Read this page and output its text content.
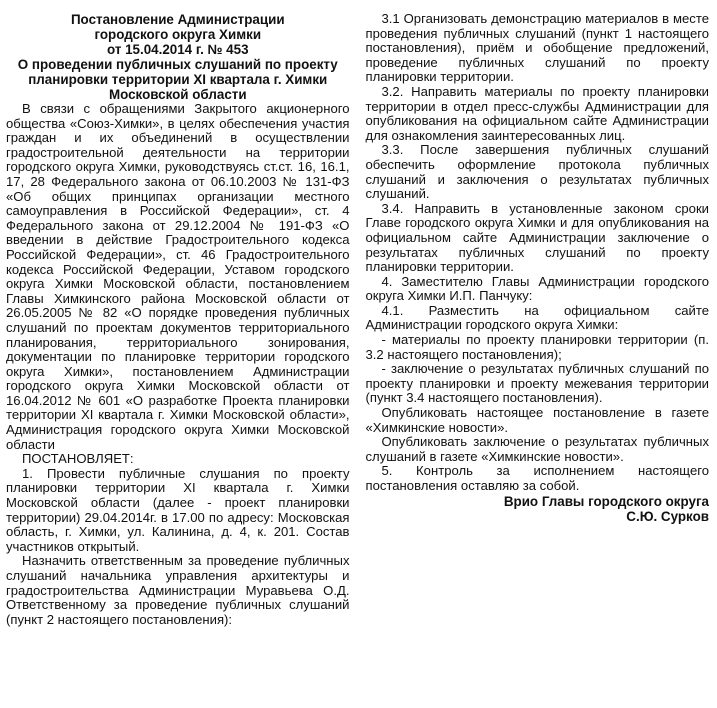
Постановление Администрации

городского округа Химки

от 15.04.2014 г. № 453

О проведении публичных слушаний по проекту планировки территории XI квартала г. Химки Московской области

В связи с обращениями Закрытого акционерного общества «Союз-Химки», в целях обеспечения участия граждан и их объединений в осуществлении градостроительной деятельности на территории городского округа Химки, руководствуясь ст.ст. 16, 16.1, 17, 28 Федерального закона от 06.10.2003 № 131-ФЗ «Об общих принципах организации местного самоуправления в Российской Федерации», ст. 4 Федерального закона от 29.12.2004 № 191-ФЗ «О введении в действие Градостроительного кодекса Российской Федерации», ст. 46 Градостроительного кодекса Российской Федерации, Уставом городского округа Химки Московской области, постановлением Главы Химкинского района Московской области от 26.05.2005 № 82 «О порядке проведения публичных слушаний по проектам документов территориального планирования, территориального зонирования, документации по планировке территории городского округа Химки», постановлением Администрации городского округа Химки Московской области от 16.04.2012 № 601 «О разработке Проекта планировки территории XI квартала г. Химки Московской области», Администрация городского округа Химки Московской области

ПОСТАНОВЛЯЕТ:

1. Провести публичные слушания по проекту планировки территории XI квартала г. Химки Московской области (далее - проект планировки территории) 29.04.2014г. в 17.00 по адресу: Московская область, г. Химки, ул. Калинина, д. 4, к. 201. Состав участников открытый.

Назначить ответственным за проведение публичных слушаний начальника управления архитектуры и градостроительства Администрации Муравьева О.Д. Ответственному за проведение публичных слушаний (пункт 2 настоящего постановления):

3.1 Организовать демонстрацию материалов в месте проведения публичных слушаний (пункт 1 настоящего постановления), приём и обобщение предложений, проведение публичных слушаний по проекту планировки территории.

3.2. Направить материалы по проекту планировки территории в отдел пресс-службы Администрации для опубликования на официальном сайте Администрации для ознакомления заинтересованных лиц.

3.3. После завершения публичных слушаний обеспечить оформление протокола публичных слушаний и заключения о результатах публичных слушаний.

3.4. Направить в установленные законом сроки Главе городского округа Химки и для опубликования на официальном сайте Администрации заключение о результатах публичных слушаний по проекту планировки территории.

4. Заместителю Главы Администрации городского округа Химки И.П. Панчуку:

4.1. Разместить на официальном сайте Администрации городского округа Химки:

- материалы по проекту планировки территории (п. 3.2 настоящего постановления);

- заключение о результатах публичных слушаний по проекту планировки и проекту межевания территории (пункт 3.4 настоящего постановления).

Опубликовать настоящее постановление в газете «Химкинские новости».

Опубликовать заключение о результатах публичных слушаний в газете «Химкинские новости».

5. Контроль за исполнением настоящего постановления оставляю за собой.

Врио Главы городского округа

С.Ю. Сурков
